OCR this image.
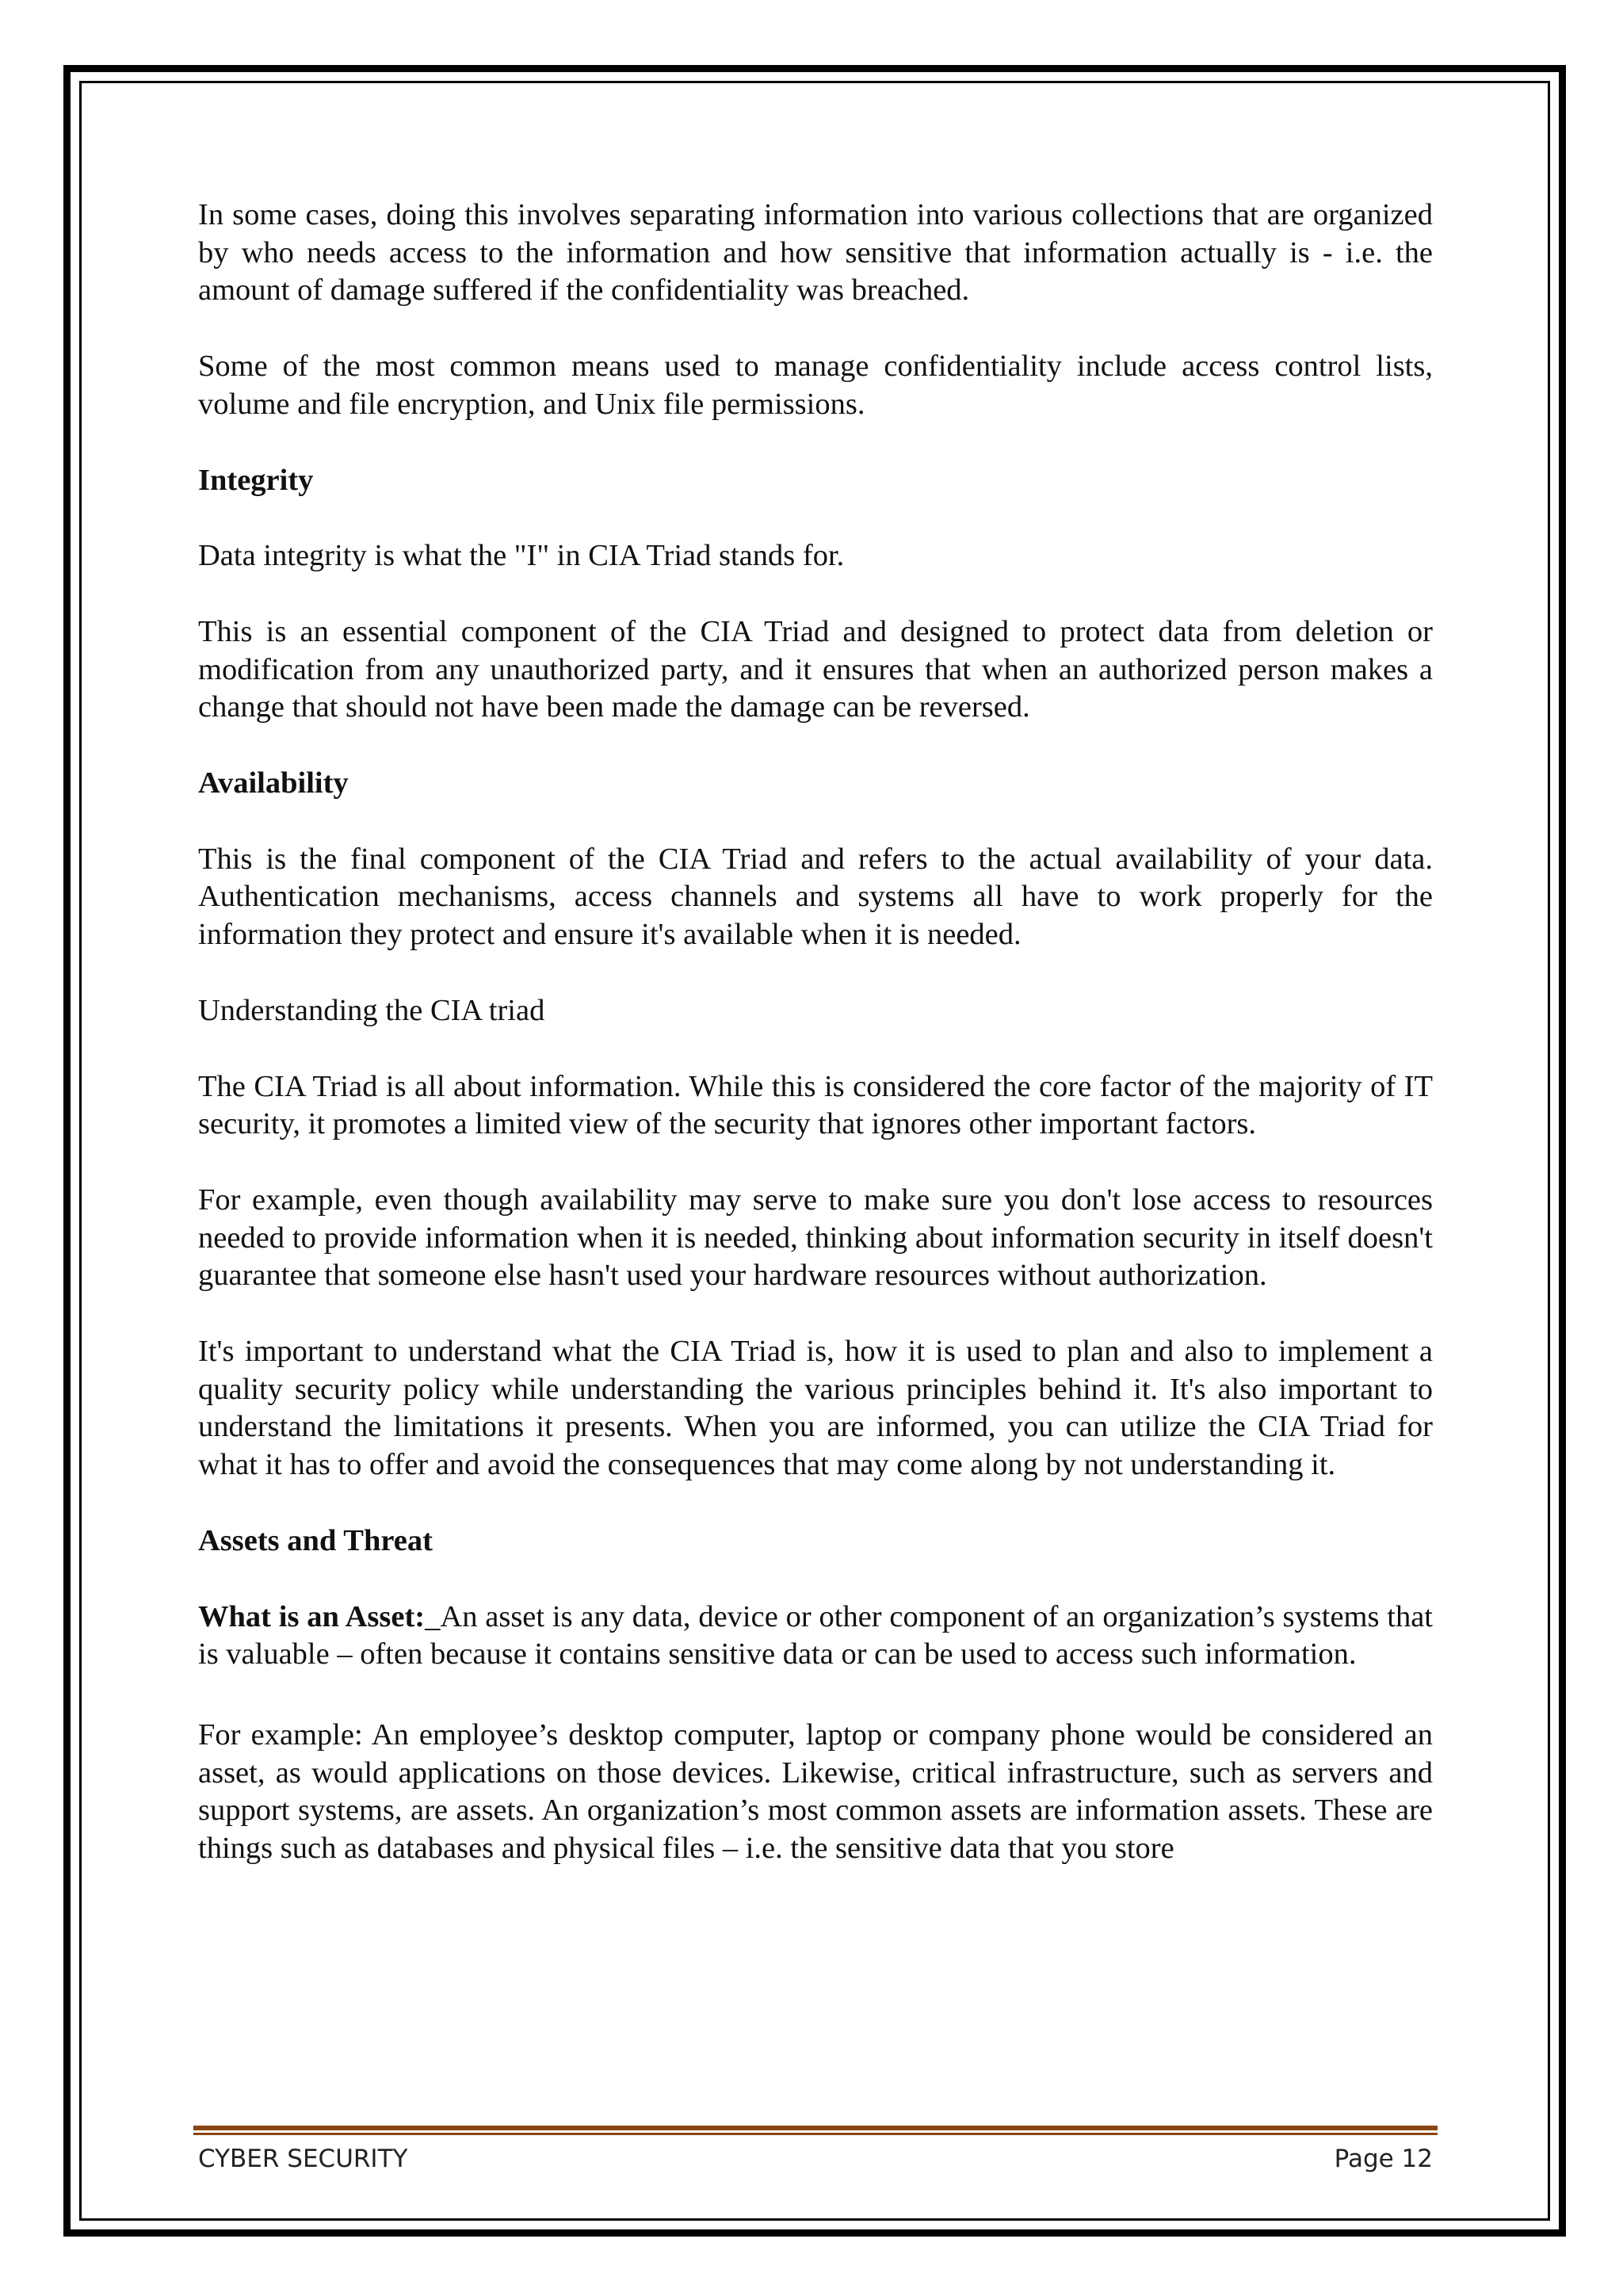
In some cases, doing this involves separating information into various collections that are organized by who needs access to the information and how sensitive that information actually is - i.e. the amount of damage suffered if the confidentiality was breached.

Some of the most common means used to manage confidentiality include access control lists, volume and file encryption, and Unix file permissions.

Integrity

Data integrity is what the "I" in CIA Triad stands for.

This is an essential component of the CIA Triad and designed to protect data from deletion or modification from any unauthorized party, and it ensures that when an authorized person makes a change that should not have been made the damage can be reversed.

Availability

This is the final component of the CIA Triad and refers to the actual availability of your data. Authentication mechanisms, access channels and systems all have to work properly for the information they protect and ensure it's available when it is needed.

Understanding the CIA triad

The CIA Triad is all about information. While this is considered the core factor of the majority of IT security, it promotes a limited view of the security that ignores other important factors.

For example, even though availability may serve to make sure you don't lose access to resources needed to provide information when it is needed, thinking about information security in itself doesn't guarantee that someone else hasn't used your hardware resources without authorization.

It's important to understand what the CIA Triad is, how it is used to plan and also to implement a quality security policy while understanding the various principles behind it. It's also important to understand the limitations it presents. When you are informed, you can utilize the CIA Triad for what it has to offer and avoid the consequences that may come along by not understanding it.

Assets and Threat

What is an Asset:_An asset is any data, device or other component of an organization’s systems that is valuable – often because it contains sensitive data or can be used to access such information.

For example: An employee’s desktop computer, laptop or company phone would be considered an asset, as would applications on those devices. Likewise, critical infrastructure, such as servers and support systems, are assets. An organization’s most common assets are information assets. These are things such as databases and physical files – i.e. the sensitive data that you store

CYBER SECURITY	Page 12
